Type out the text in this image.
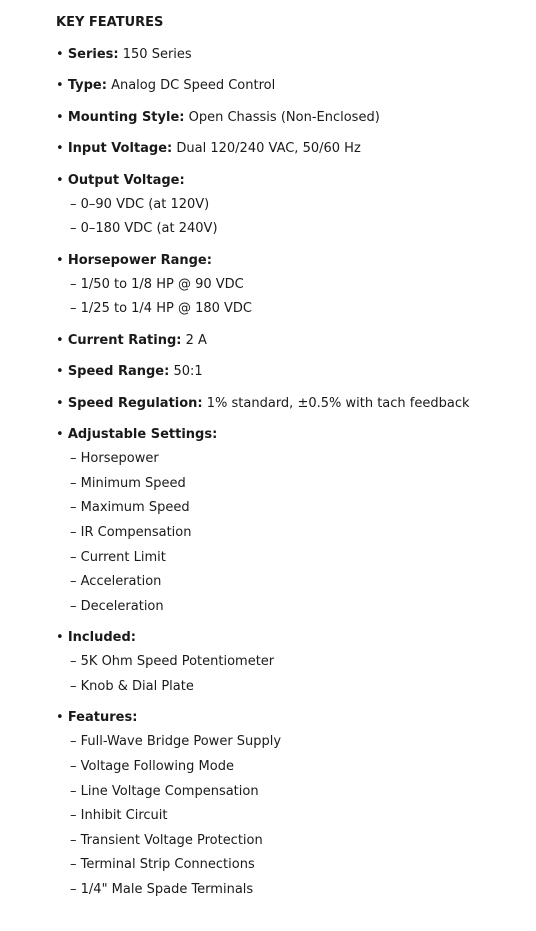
KEY FEATURES

• Series: 150 Series
• Type: Analog DC Speed Control
• Mounting Style: Open Chassis (Non-Enclosed)
• Input Voltage: Dual 120/240 VAC, 50/60 Hz
• Output Voltage:
– 0–90 VDC (at 120V)
– 0–180 VDC (at 240V)
• Horsepower Range:
– 1/50 to 1/8 HP @ 90 VDC
– 1/25 to 1/4 HP @ 180 VDC
• Current Rating: 2 A
• Speed Range: 50:1
• Speed Regulation: 1% standard, ±0.5% with tach feedback
• Adjustable Settings:
– Horsepower
– Minimum Speed
– Maximum Speed
– IR Compensation
– Current Limit
– Acceleration
– Deceleration
• Included:
– 5K Ohm Speed Potentiometer
– Knob & Dial Plate
• Features:
– Full-Wave Bridge Power Supply
– Voltage Following Mode
– Line Voltage Compensation
– Inhibit Circuit
– Transient Voltage Protection
– Terminal Strip Connections
– 1/4" Male Spade Terminals
